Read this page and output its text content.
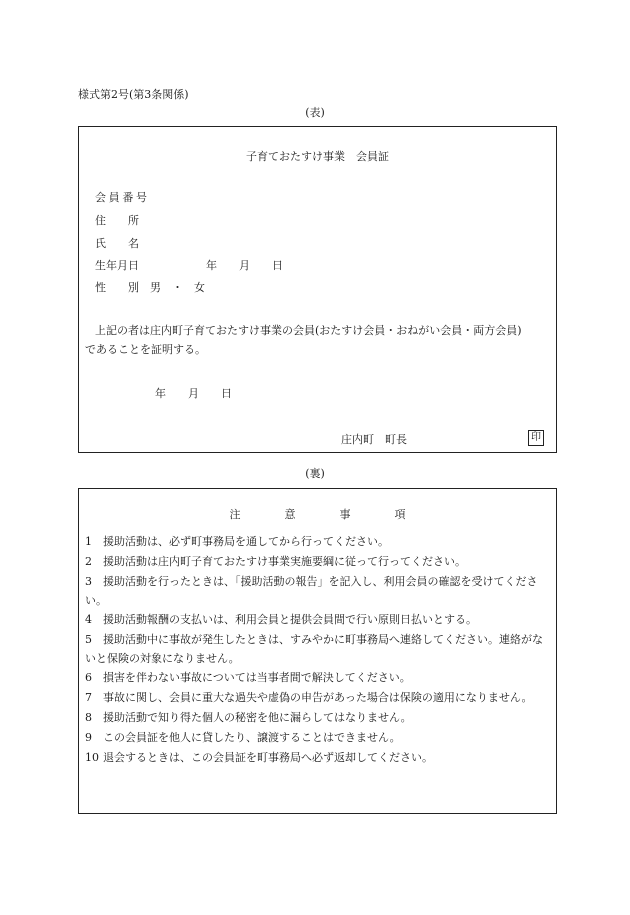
様式第2号(第3条関係)
(表)
子育ておたすけ事業　会員証
会員番号
住　　所
氏　　名
生年月日	年　　月　　日
性　　別 男　・　女
上記の者は庄内町子育ておたすけ事業の会員(おたすけ会員・おねがい会員・両方会員)
であることを証明する。
年　　月　　日
庄内町　町長	印
(裏)
注意事項
1 援助活動は、必ず町事務局を通してから行ってください。
2 援助活動は庄内町子育ておたすけ事業実施要綱に従って行ってください。
3 援助活動を行ったときは、「援助活動の報告」を記入し、利用会員の確認を受けてください。
4 援助活動報酬の支払いは、利用会員と提供会員間で行い原則日払いとする。
5 援助活動中に事故が発生したときは、すみやかに町事務局へ連絡してください。連絡がないと保険の対象になりません。
6 損害を伴わない事故については当事者間で解決してください。
7 事故に関し、会員に重大な過失や虚偽の申告があった場合は保険の適用になりません。
8 援助活動で知り得た個人の秘密を他に漏らしてはなりません。
9 この会員証を他人に貸したり、譲渡することはできません。
10 退会するときは、この会員証を町事務局へ必ず返却してください。
